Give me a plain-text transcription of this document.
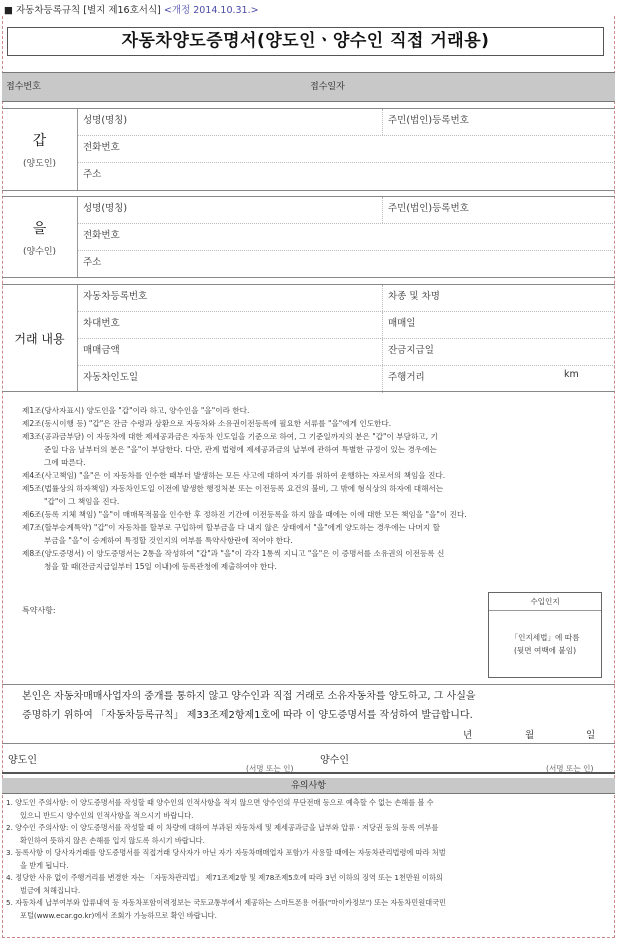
■ 자동차등록규칙 [별지 제16호서식] <개정 2014.10.31.>
자동차양도증명서(양도인ㆍ양수인 직접 거래용)
접수번호	접수일자
갑
(양도인)
성명(명칭)	주민(법인)등록번호
전화번호
주소
을
(양수인)
성명(명칭)	주민(법인)등록번호
전화번호
주소
거래 내용
자동차등록번호	차종 및 차명
차대번호	매매일
매매금액	잔금지급일
자동차인도일	주행거리	km

제1조(당사자표시) 양도인을 "갑"이라 하고, 양수인을 "을"이라 한다.

제2조(동시이행 등) "갑"은 잔금 수령과 상환으로 자동차와 소유권이전등록에 필요한 서류를 "을"에게 인도한다.

제3조(공과금부담) 이 자동차에 대한 제세공과금은 자동차 인도일을 기준으로 하여, 그 기준일까지의 분은 "갑"이 부담하고, 기

준일 다음 날부터의 분은 "을"이 부담한다. 다만, 관계 법령에 제세공과금의 납부에 관하여 특별한 규정이 있는 경우에는

그에 따른다.

제4조(사고책임) "을"은 이 자동차를 인수한 때부터 발생하는 모든 사고에 대하여 자기를 위하여 운행하는 자로서의 책임을 진다.

제5조(법률상의 하자책임) 자동차인도일 이전에 발생한 행정처분 또는 이전등록 요건의 불비, 그 밖에 형식상의 하자에 대해서는

"갑"이 그 책임을 진다.

제6조(등록 지체 책임) "을"이 매매목적물을 인수한 후 정하진 기간에 이전등록을 하지 않을 때에는 이에 대한 모든 책임을 "을"이 진다.

제7조(할부승계특약) "갑"이 자동차를 할부로 구입하여 할부금을 다 내지 않은 상태에서 "을"에게 양도하는 경우에는 나머지 할

부금을 "을"이 승계하여 특정할 것인지의 여부를 특약사항란에 적어야 한다.

제8조(양도증명서) 이 양도증명서는 2통을 작성하여 "갑"과 "을"이 각각 1통씩 지니고 "을"은 이 증명서를 소유권의 이전등록 신

청을 할 때(잔금지급일부터 15일 이내)에 등록관청에 제출하여야 한다.

특약사항:
수입인지
「인지세법」에 따름
(뒷면 여백에 붙임)
본인은 자동차매매사업자의 중개를 통하지 않고 양수인과 직접 거래로 소유자동차를 양도하고, 그 사실을
증명하기 위하여 「자동차등록규칙」 제33조제2항제1호에 따라 이 양도증명서를 작성하여 발급합니다.
년	월	일
양도인
(서명 또는 인)
양수인
(서명 또는 인)
유의사항

1. 양도인 주의사항: 이 양도증명서를 작성할 때 양수인의 인적사항을 적지 않으면 양수인의 무단전매 등으로 예측할 수 없는 손해를 볼 수

있으니 반드시 양수인의 인적사항을 적으시기 바랍니다.

2. 양수인 주의사항: 이 양도증명서를 작성할 때 이 차량에 대하여 부과된 자동차세 및 제세공과금을 납부와 압류ㆍ저당권 등의 등록 여부를

확인하여 뜻하지 않은 손해를 입지 않도록 하시기 바랍니다.

3. 등록사항 이 당사자거래를 양도증명서를 직접거래 당사자가 아닌 자가 자동차매매업자 포함)가 사용할 때에는 자동차관리법령에 따라 처벌

을 받게 됩니다.

4. 정당한 사유 없이 주행거리를 변경한 자는 「자동차관리법」 제71조제2항 및 제78조제5호에 따라 3년 이하의 징역 또는 1천만원 이하의

벌금에 처해집니다.

5. 자동차세 납부여부와 압류내역 등 자동차포함이력정보는 국토교통부에서 제공하는 스마트폰용 어플("마이카정보") 또는 자동차민원대국민

포털(www.ecar.go.kr)에서 조회가 가능하므로 확인 바랍니다.
